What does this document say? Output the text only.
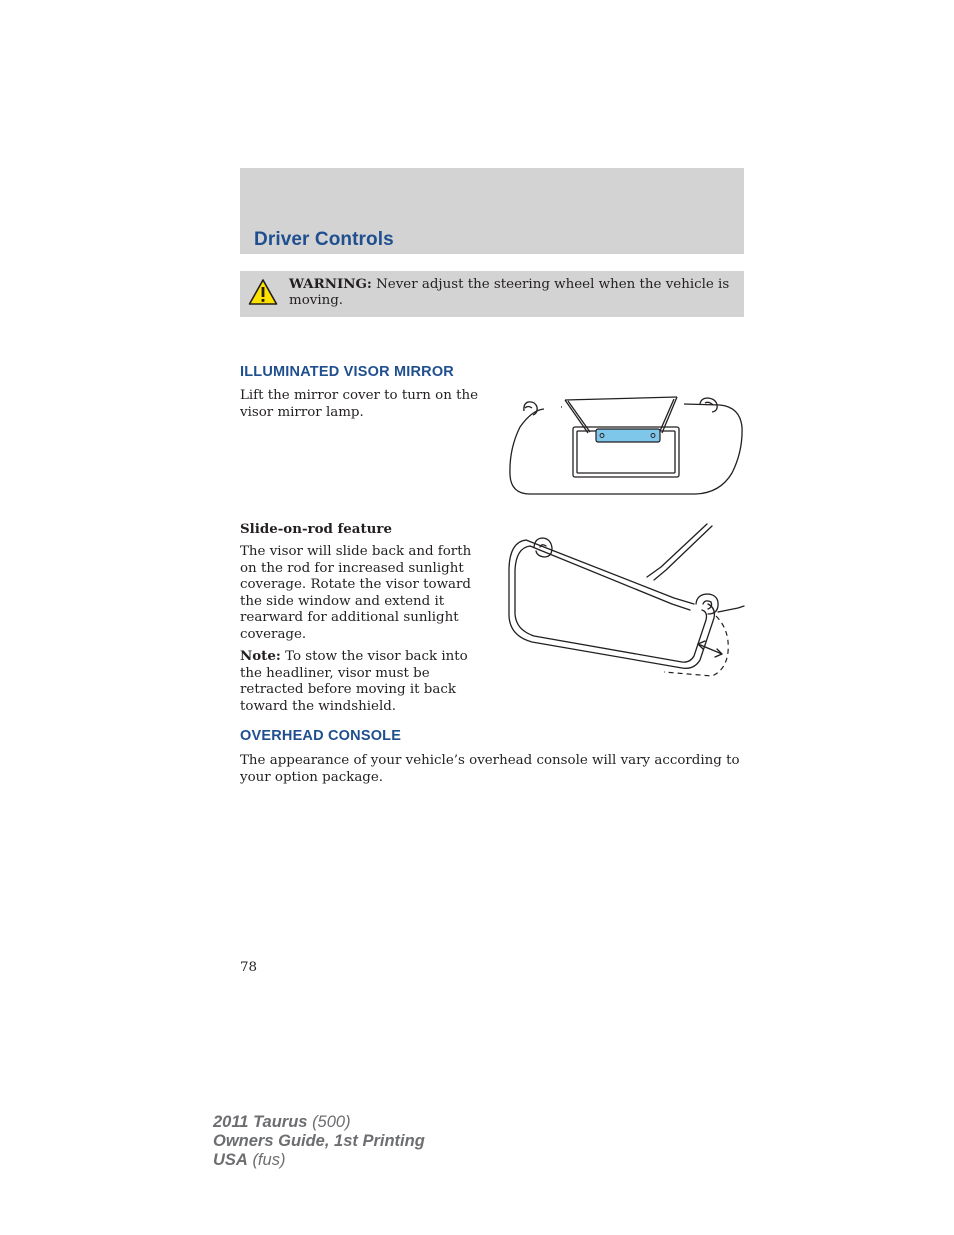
Driver Controls
WARNING: Never adjust the steering wheel when the vehicle is moving.
ILLUMINATED VISOR MIRROR

Lift the mirror cover to turn on the visor mirror lamp.

Slide-on-rod feature

The visor will slide back and forth on the rod for increased sunlight coverage. Rotate the visor toward the side window and extend it rearward for additional sunlight coverage.

Note: To stow the visor back into the headliner, visor must be retracted before moving it back toward the windshield.

OVERHEAD CONSOLE

The appearance of your vehicle’s overhead console will vary according to your option package.

78
2011 Taurus (500)
Owners Guide, 1st Printing
USA (fus)
